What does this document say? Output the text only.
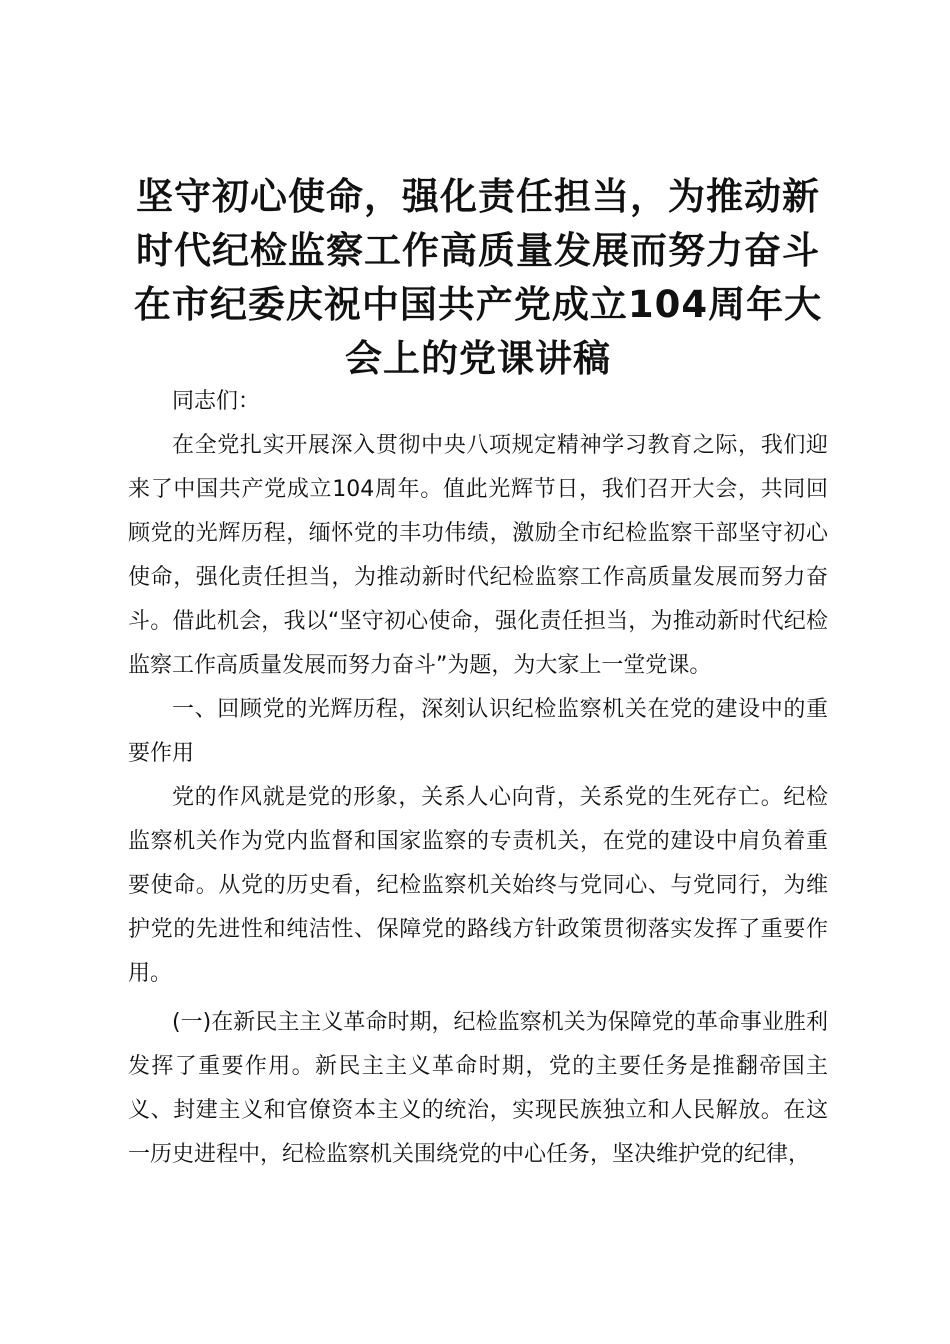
坚守初心使命，强化责任担当，为推动新时代纪检监察工作高质量发展而努力奋斗在市纪委庆祝中国共产党成立104周年大会上的党课讲稿

同志们：

在全党扎实开展深入贯彻中央八项规定精神学习教育之际，我们迎来了中国共产党成立104周年。值此光辉节日，我们召开大会，共同回顾党的光辉历程，缅怀党的丰功伟绩，激励全市纪检监察干部坚守初心使命，强化责任担当，为推动新时代纪检监察工作高质量发展而努力奋斗。借此机会，我以“坚守初心使命，强化责任担当，为推动新时代纪检监察工作高质量发展而努力奋斗”为题，为大家上一堂党课。

一、回顾党的光辉历程，深刻认识纪检监察机关在党的建设中的重要作用

党的作风就是党的形象，关系人心向背，关系党的生死存亡。纪检监察机关作为党内监督和国家监察的专责机关，在党的建设中肩负着重要使命。从党的历史看，纪检监察机关始终与党同心、与党同行，为维护党的先进性和纯洁性、保障党的路线方针政策贯彻落实发挥了重要作用。

(一)在新民主主义革命时期，纪检监察机关为保障党的革命事业胜利发挥了重要作用。新民主主义革命时期，党的主要任务是推翻帝国主义、封建主义和官僚资本主义的统治，实现民族独立和人民解放。在这一历史进程中，纪检监察机关围绕党的中心任务，坚决维护党的纪律，
